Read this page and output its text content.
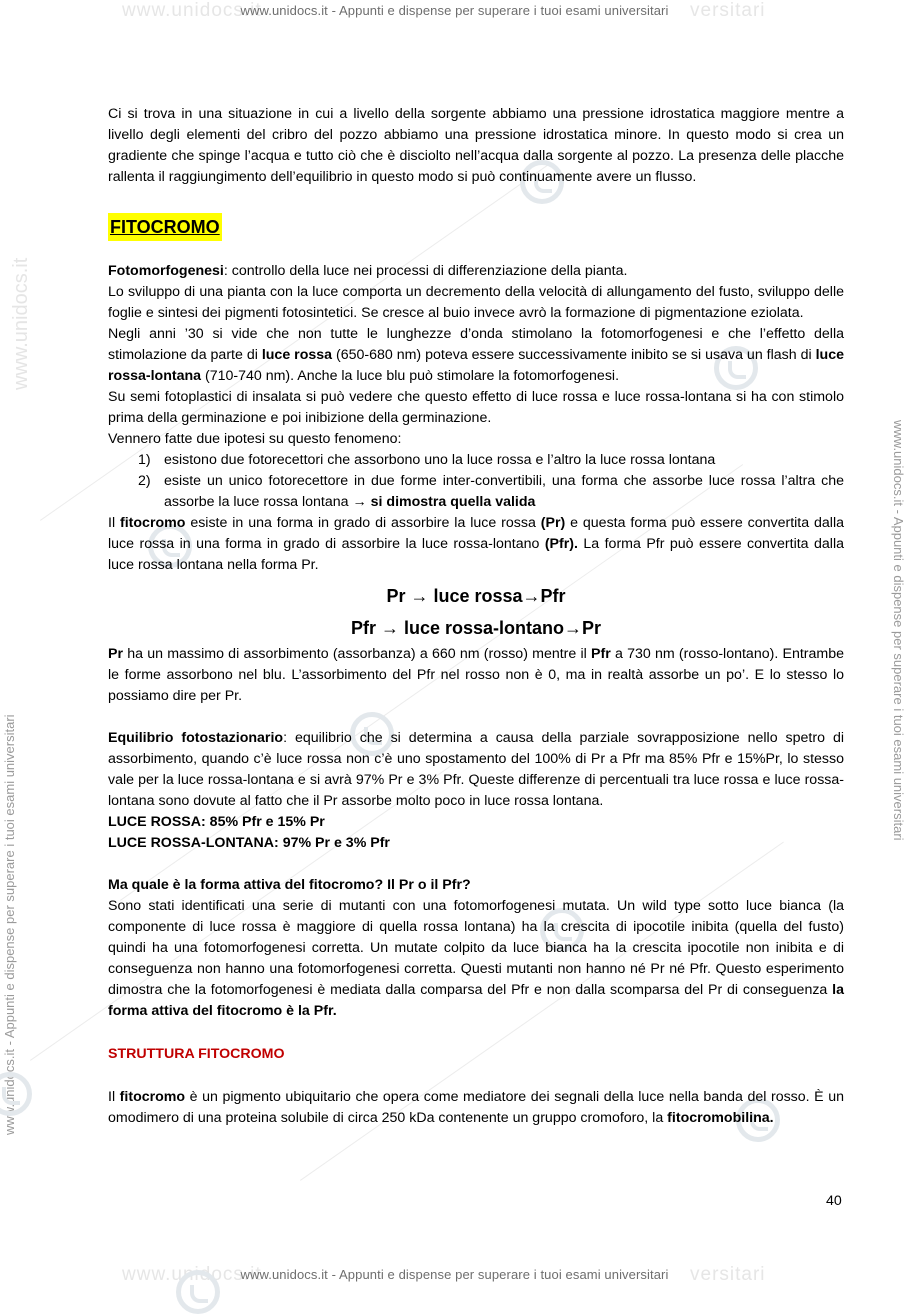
www.unidocs.it	versitari
www.unidocs.it - Appunti e dispense per superare i tuoi esami universitari
www.unidocs.it	versitari
www.unidocs.it - Appunti e dispense per superare i tuoi esami universitari
www.unidocs.it - Appunti e dispense per superare i tuoi esami universitari
www.unidocs.it - Appunti e dispense per superare i tuoi esami universitari
www.unidocs.it

Ci si trova in una situazione in cui a livello della sorgente abbiamo una pressione idrostatica maggiore mentre a livello degli elementi del cribro del pozzo abbiamo una pressione idrostatica minore. In questo modo si crea un gradiente che spinge l’acqua e tutto ciò che è disciolto nell’acqua dalla sorgente al pozzo. La presenza delle placche rallenta il raggiungimento dell’equilibrio in questo modo si può continuamente avere un flusso.

FITOCROMO

Fotomorfogenesi: controllo della luce nei processi di differenziazione della pianta.

Lo sviluppo di una pianta con la luce comporta un decremento della velocità di allungamento del fusto, sviluppo delle foglie e sintesi dei pigmenti fotosintetici. Se cresce al buio invece avrò la formazione di pigmentazione eziolata.

Negli anni ’30 si vide che non tutte le lunghezze d’onda stimolano la fotomorfogenesi e che l’effetto della stimolazione da parte di luce rossa (650-680 nm) poteva essere successivamente inibito se si usava un flash di luce rossa-lontana (710-740 nm). Anche la luce blu può stimolare la fotomorfogenesi.

Su semi fotoplastici di insalata si può vedere che questo effetto di luce rossa e luce rossa-lontana si ha con stimolo prima della germinazione e poi inibizione della germinazione.

Vennero fatte due ipotesi su questo fenomeno:

1) esistono due fotorecettori che assorbono uno la luce rossa e l’altro la luce rossa lontana
2) esiste un unico fotorecettore in due forme inter-convertibili, una forma che assorbe luce rossa l’altra che assorbe la luce rossa lontana → si dimostra quella valida

Il fitocromo esiste in una forma in grado di assorbire la luce rossa (Pr) e questa forma può essere convertita dalla luce rossa in una forma in grado di assorbire la luce rossa-lontano (Pfr). La forma Pfr può essere convertita dalla luce rossa lontana nella forma Pr.

Pr → luce rossa→Pfr
Pfr → luce rossa-lontano→Pr

Pr ha un massimo di assorbimento (assorbanza) a 660 nm (rosso) mentre il Pfr a 730 nm (rosso-lontano). Entrambe le forme assorbono nel blu. L’assorbimento del Pfr nel rosso non è 0, ma in realtà assorbe un po’. E lo stesso lo possiamo dire per Pr.

Equilibrio fotostazionario: equilibrio che si determina a causa della parziale sovrapposizione nello spetro di assorbimento, quando c’è luce rossa non c’è uno spostamento del 100% di Pr a Pfr ma 85% Pfr e 15%Pr, lo stesso vale per la luce rossa-lontana e si avrà 97% Pr e 3% Pfr. Queste differenze di percentuali tra luce rossa e luce rossa-lontana sono dovute al fatto che il Pr assorbe molto poco in luce rossa lontana.

LUCE ROSSA: 85% Pfr e 15% Pr

LUCE ROSSA-LONTANA: 97% Pr e 3% Pfr

Ma quale è la forma attiva del fitocromo? Il Pr o il Pfr?

Sono stati identificati una serie di mutanti con una fotomorfogenesi mutata. Un wild type sotto luce bianca (la componente di luce rossa è maggiore di quella rossa lontana) ha la crescita di ipocotile inibita (quella del fusto) quindi ha una fotomorfogenesi corretta. Un mutate colpito da luce bianca ha la crescita ipocotile non inibita e di conseguenza non hanno una fotomorfogenesi corretta. Questi mutanti non hanno né Pr né Pfr. Questo esperimento dimostra che la fotomorfogenesi è mediata dalla comparsa del Pfr e non dalla scomparsa del Pr di conseguenza la forma attiva del fitocromo è la Pfr.

STRUTTURA FITOCROMO

Il fitocromo è un pigmento ubiquitario che opera come mediatore dei segnali della luce nella banda del rosso. È un omodimero di una proteina solubile di circa 250 kDa contenente un gruppo cromoforo, la fitocromobilina.

40
